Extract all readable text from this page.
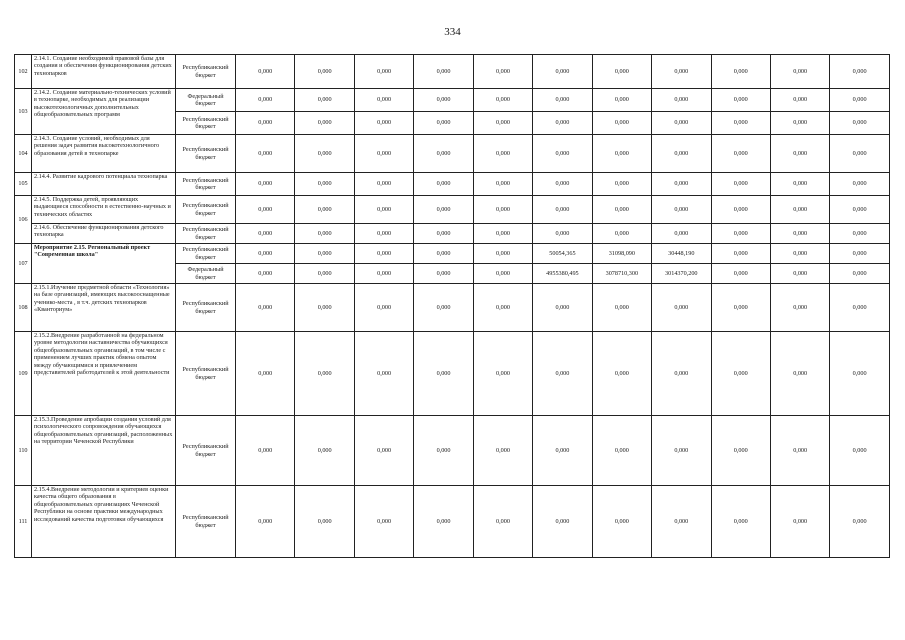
334
102	2.14.1. Создание необходимой правовой базы для создания и обеспечения функционирования детских технопарков	Республиканский бюджет	0,000	0,000	0,000	0,000	0,000	0,000	0,000	0,000	0,000	0,000	0,000
103	2.14.2. Создание материально-технических условий в технопарке, необходимых для реализации высокотехнологичных дополнительных общеобразовательных программ	Федеральный бюджет	0,000	0,000	0,000	0,000	0,000	0,000	0,000	0,000	0,000	0,000	0,000
		Республиканский бюджет	0,000	0,000	0,000	0,000	0,000	0,000	0,000	0,000	0,000	0,000	0,000
104	2.14.3. Создание условий, необходимых для решения задач развития высокотехнологичного образования детей в технопарке	Республиканский бюджет	0,000	0,000	0,000	0,000	0,000	0,000	0,000	0,000	0,000	0,000	0,000
105	2.14.4. Развитие кадрового потенциала технопарка	Республиканский бюджет	0,000	0,000	0,000	0,000	0,000	0,000	0,000	0,000	0,000	0,000	0,000
106	2.14.5. Поддержка детей, проявляющих выдающиеся способности в естественно-научных и технических областях	Республиканский бюджет	0,000	0,000	0,000	0,000	0,000	0,000	0,000	0,000	0,000	0,000	0,000
	2.14.6. Обеспечение функционирования детского технопарка	Республиканский бюджет	0,000	0,000	0,000	0,000	0,000	0,000	0,000	0,000	0,000	0,000	0,000
107	Мероприятие 2.15. Региональный проект "Современная школа"	Республиканский бюджет	0,000	0,000	0,000	0,000	0,000	50054,365	31098,090	30448,190	0,000	0,000	0,000
		Федеральный бюджет	0,000	0,000	0,000	0,000	0,000	4955380,495	3078710,300	3014370,200	0,000	0,000	0,000
108	2.15.1.Изучение предметной области «Технология» на базе организаций, имеющих высокооснащенные ученико-места , в т.ч. детских технопарков «Кванториум»	Республиканский бюджет	0,000	0,000	0,000	0,000	0,000	0,000	0,000	0,000	0,000	0,000	0,000
109	2.15.2.Внедрение разработанной на федеральном уровне методологии наставничества обучающихся общеобразовательных организаций, в том числе с применением лучших практик обмена опытом между обучающимися и привлечением представителей работодателей к этой деятельности	Республиканский бюджет	0,000	0,000	0,000	0,000	0,000	0,000	0,000	0,000	0,000	0,000	0,000
110	2.15.3.Проведение апробации создания условий для психологического сопровождения обучающихся общеобразовательных организаций, расположенных на территории Чеченской Республики	Республиканский бюджет	0,000	0,000	0,000	0,000	0,000	0,000	0,000	0,000	0,000	0,000	0,000
111	2.15.4.Внедрение методологии и критериев оценки качества общего образования в общеобразовательных организациях Чеченской Республики на основе практики международных исследований качества подготовки обучающихся	Республиканский бюджет	0,000	0,000	0,000	0,000	0,000	0,000	0,000	0,000	0,000	0,000	0,000
